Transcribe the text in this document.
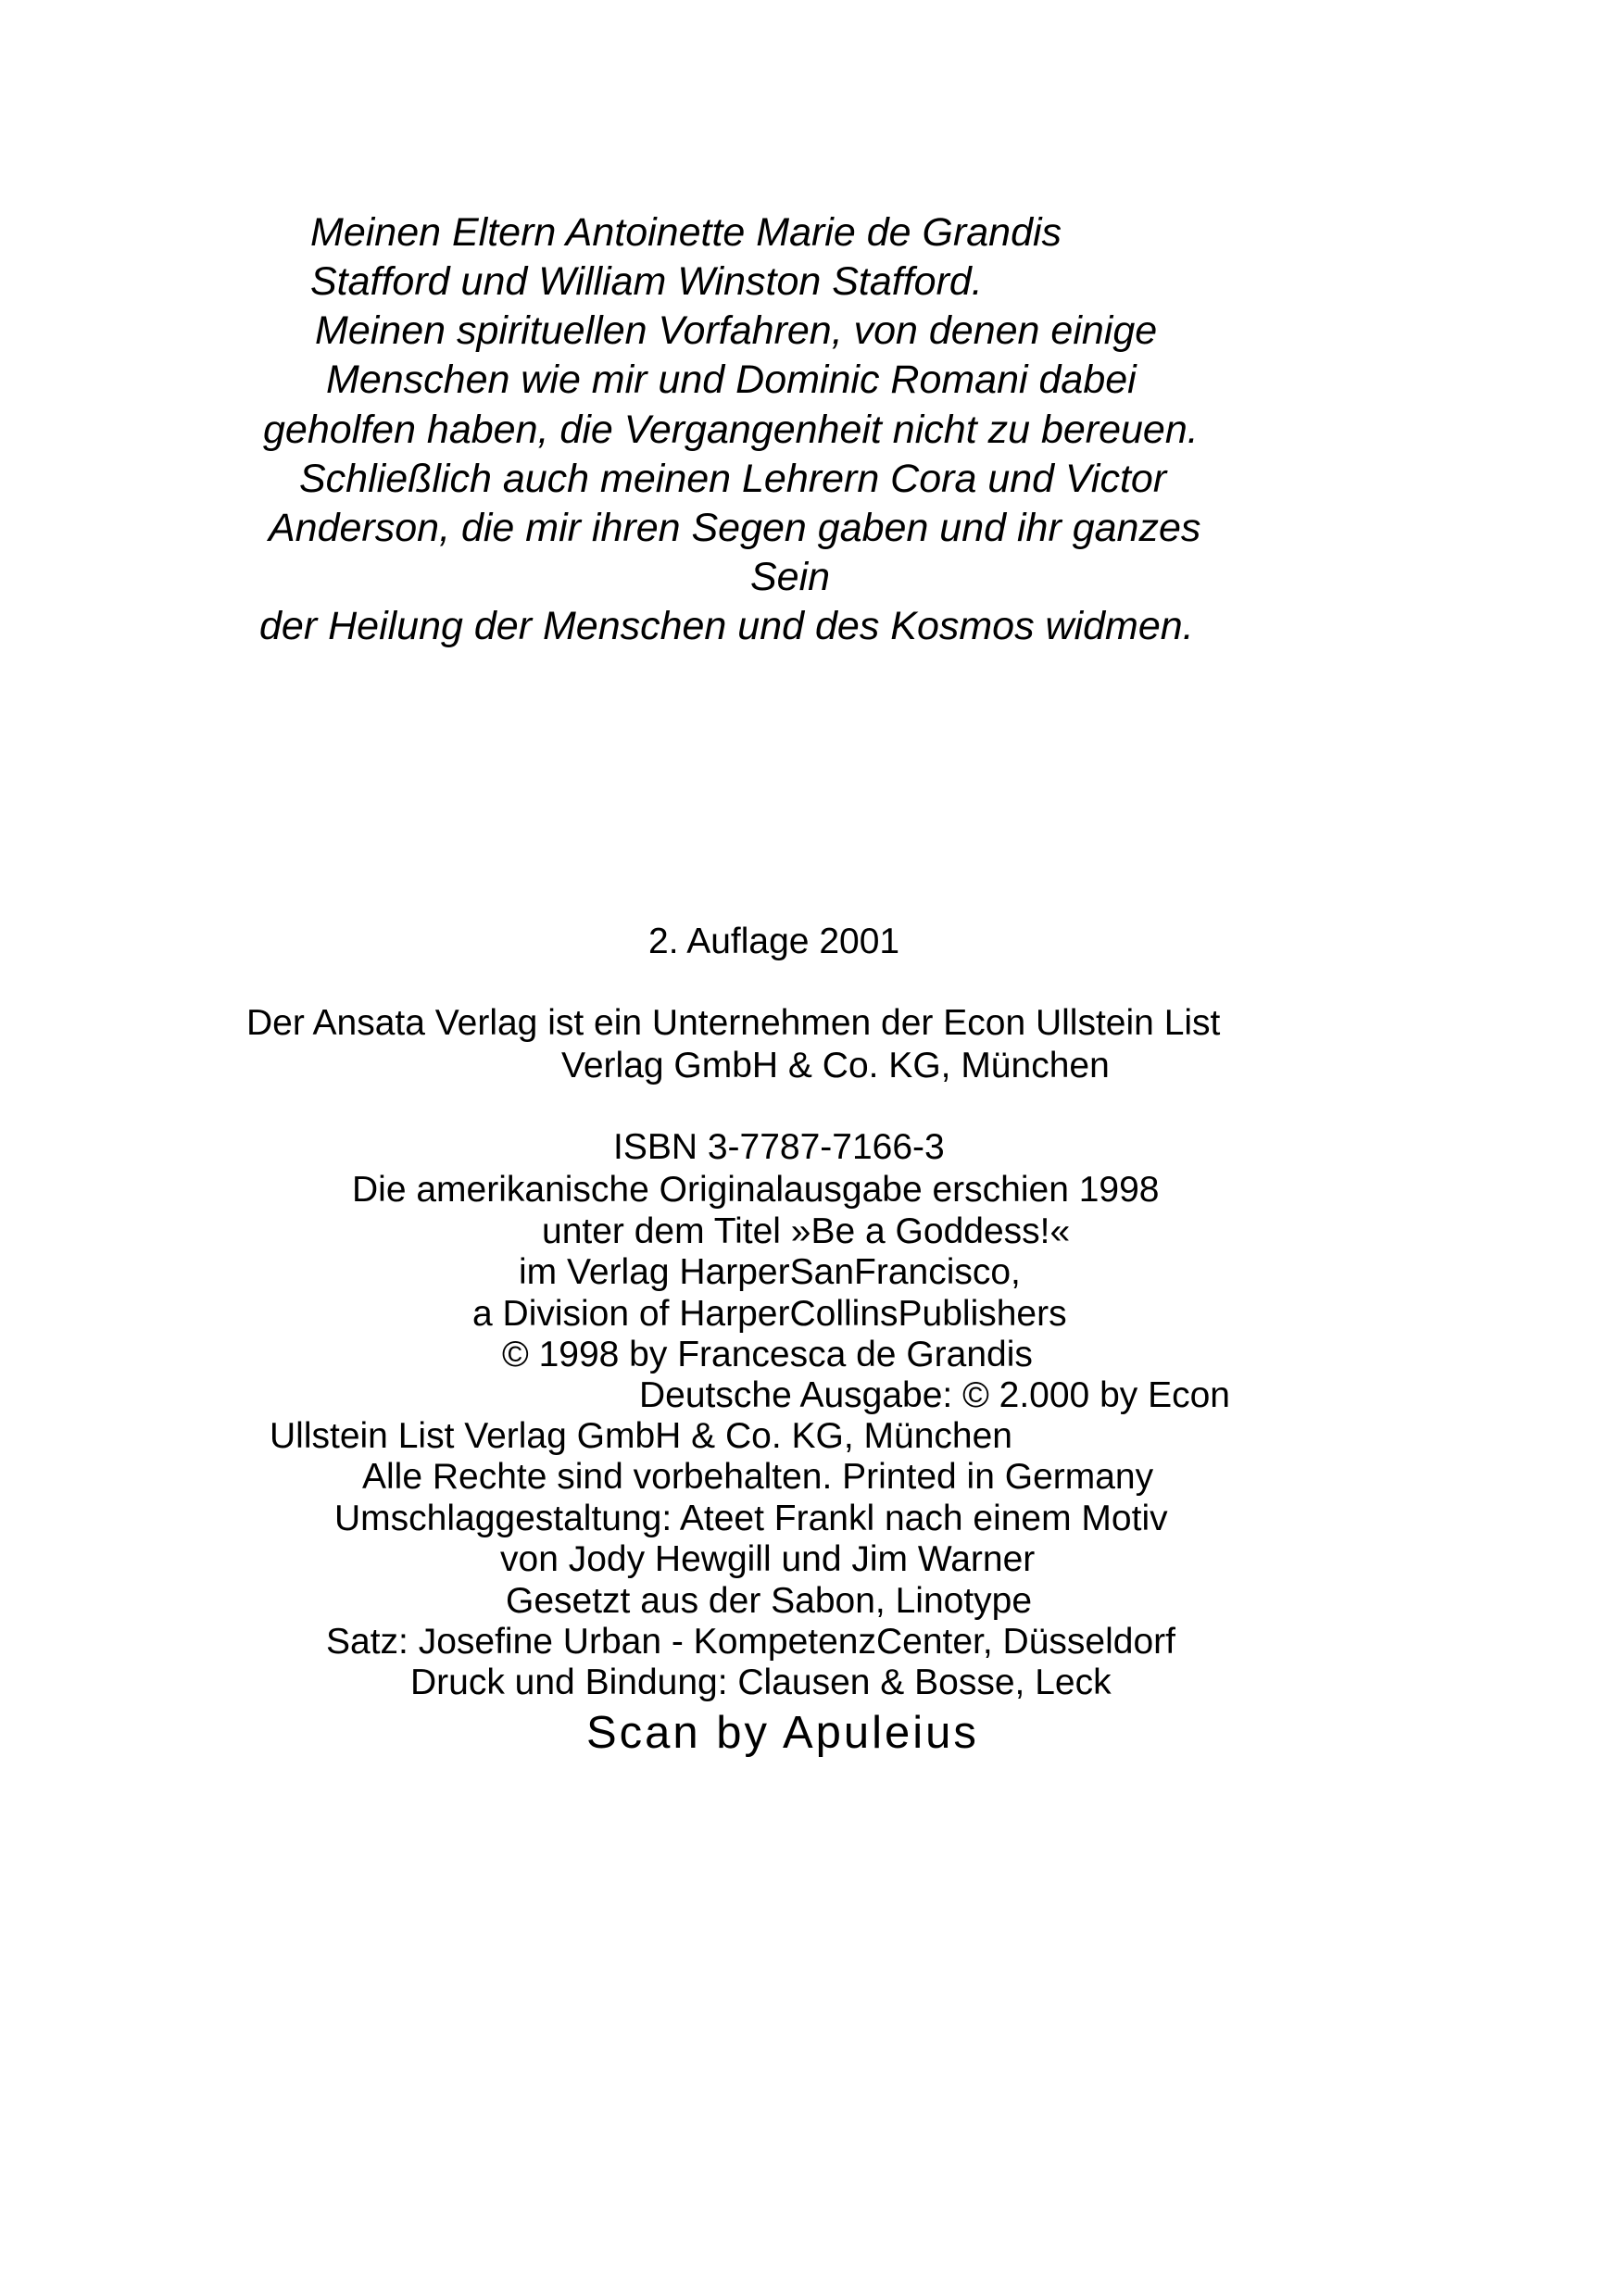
Meinen Eltern Antoinette Marie de Grandis
Stafford und William Winston Stafford.
Meinen spirituellen Vorfahren, von denen einige
Menschen wie mir und Dominic Romani dabei
geholfen haben, die Vergangenheit nicht zu bereuen.
Schließlich auch meinen Lehrern Cora und Victor
Anderson, die mir ihren Segen gaben und ihr ganzes
Sein
der Heilung der Menschen und des Kosmos widmen.
2. Auflage 2001
Der Ansata Verlag ist ein Unternehmen der Econ Ullstein List
Verlag GmbH & Co. KG, München
ISBN 3-7787-7166-3
Die amerikanische Originalausgabe erschien 1998
unter dem Titel »Be a Goddess!«
im Verlag HarperSanFrancisco,
a Division of HarperCollinsPublishers
© 1998 by Francesca de Grandis
Deutsche Ausgabe: © 2.000 by Econ
Ullstein List Verlag GmbH & Co. KG, München
Alle Rechte sind vorbehalten. Printed in Germany
Umschlaggestaltung: Ateet Frankl nach einem Motiv
von Jody Hewgill und Jim Warner
Gesetzt aus der Sabon, Linotype
Satz: Josefine Urban - KompetenzCenter, Düsseldorf
Druck und Bindung: Clausen & Bosse, Leck
Scan by Apuleius
